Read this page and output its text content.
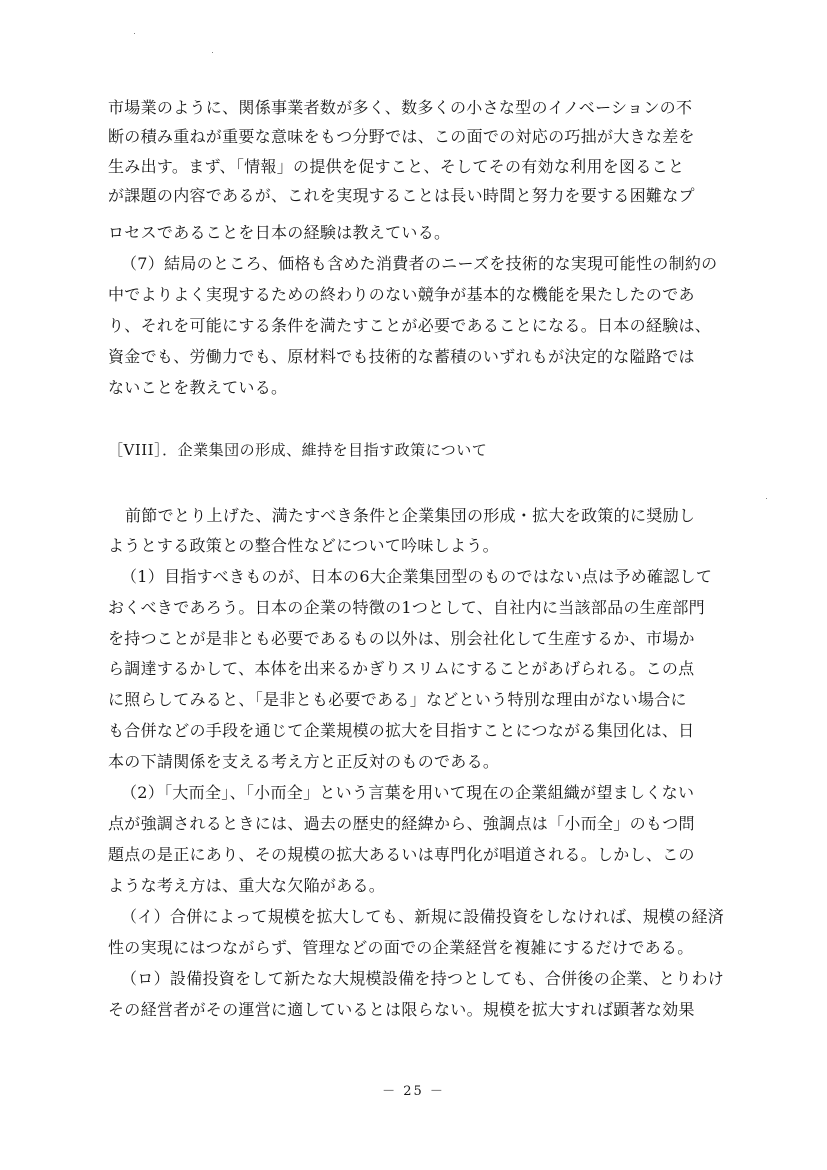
市場業のように、関係事業者数が多く、数多くの小さな型のイノベーションの不
断の積み重ねが重要な意味をもつ分野では、この面での対応の巧拙が大きな差を
生み出す。まず、「情報」の提供を促すこと、そしてその有効な利用を図ること
が課題の内容であるが、これを実現することは長い時間と努力を要する困難なプ
ロセスであることを日本の経験は教えている。
（7）結局のところ、価格も含めた消費者のニーズを技術的な実現可能性の制約の
中でよりよく実現するための終わりのない競争が基本的な機能を果たしたのであ
り、それを可能にする条件を満たすことが必要であることになる。日本の経験は、
資金でも、労働力でも、原材料でも技術的な蓄積のいずれもが決定的な隘路では
ないことを教えている。
［VIII］．企業集団の形成、維持を目指す政策について
前節でとり上げた、満たすべき条件と企業集団の形成・拡大を政策的に奨励し
ようとする政策との整合性などについて吟味しよう。
（1）目指すべきものが、日本の6大企業集団型のものではない点は予め確認して
おくべきであろう。日本の企業の特徴の1つとして、自社内に当該部品の生産部門
を持つことが是非とも必要であるもの以外は、別会社化して生産するか、市場か
ら調達するかして、本体を出来るかぎりスリムにすることがあげられる。この点
に照らしてみると、「是非とも必要である」などという特別な理由がない場合に
も合併などの手段を通じて企業規模の拡大を目指すことにつながる集団化は、日
本の下請関係を支える考え方と正反対のものである。
（2）「大而全」、「小而全」という言葉を用いて現在の企業組織が望ましくない
点が強調されるときには、過去の歴史的経緯から、強調点は「小而全」のもつ問
題点の是正にあり、その規模の拡大あるいは専門化が唱道される。しかし、この
ような考え方は、重大な欠陥がある。
（イ）合併によって規模を拡大しても、新規に設備投資をしなければ、規模の経済
性の実現にはつながらず、管理などの面での企業経営を複雑にするだけである。
（ロ）設備投資をして新たな大規模設備を持つとしても、合併後の企業、とりわけ
その経営者がその運営に適しているとは限らない。規模を拡大すれば顕著な効果
－ 25 －
